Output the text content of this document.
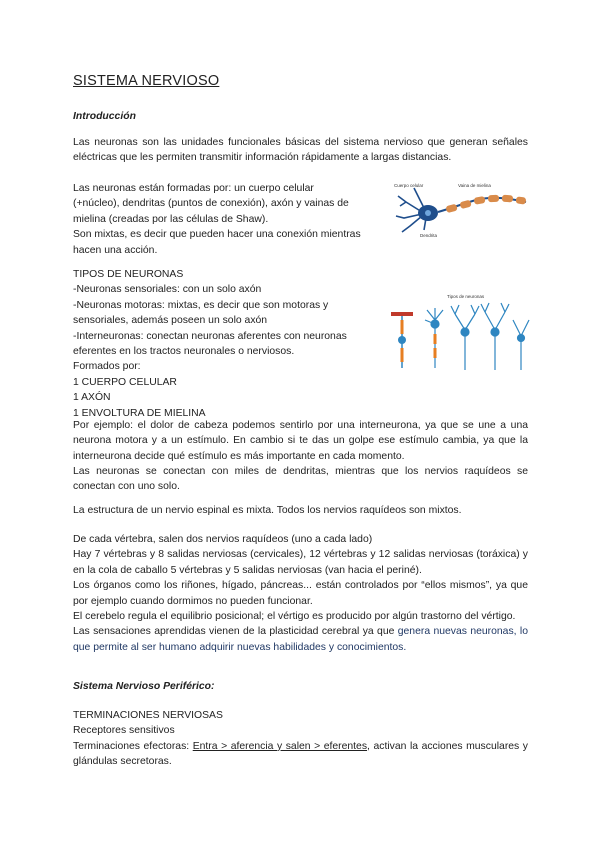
SISTEMA NERVIOSO
Introducción

Las neuronas son las unidades funcionales básicas del sistema nervioso que generan señales eléctricas que les permiten transmitir información rápidamente a largas distancias.

Las neuronas están formadas por: un cuerpo celular
(+núcleo), dendritas (puntos de conexión), axón y vainas de
mielina (creadas por las células de Shaw).
Son mixtas, es decir que pueden hacer una conexión mientras
hacen una acción.

Cuerpo celular	Vaina de mielina
Dendrita
TIPOS DE NEURONAS
-Neuronas sensoriales: con un solo axón
-Neuronas motoras: mixtas, es decir que son motoras y
sensoriales, además poseen un solo axón
-Interneuronas: conectan neuronas aferentes con neuronas
eferentes en los tractos neuronales o nerviosos.
Formados por:
1 CUERPO CELULAR
1 AXÓN
1 ENVOLTURA DE MIELINA
Tipos de neuronas

Por ejemplo: el dolor de cabeza podemos sentirlo por una interneurona, ya que se une a una neurona motora y a un estímulo. En cambio si te das un golpe ese estímulo cambia, ya que la interneurona decide qué estímulo es más importante en cada momento.

Las neuronas se conectan con miles de dendritas, mientras que los nervios raquídeos se conectan con uno solo.

La estructura de un nervio espinal es mixta. Todos los nervios raquídeos son mixtos.

De cada vértebra, salen dos nervios raquídeos (uno a cada lado)
Hay 7 vértebras y 8 salidas nerviosas (cervicales), 12 vértebras y 12 salidas nerviosas (toráxica) y en la cola de caballo 5 vértebras y 5 salidas nerviosas (van hacia el periné).
Los órganos como los riñones, hígado, páncreas... están controlados por “ellos mismos”, ya que por ejemplo cuando dormimos no pueden funcionar.
El cerebelo regula el equilibrio posicional; el vértigo es producido por algún trastorno del vértigo.
Las sensaciones aprendidas vienen de la plasticidad cerebral ya que genera nuevas neuronas, lo que permite al ser humano adquirir nuevas habilidades y conocimientos.
Sistema Nervioso Periférico:
TERMINACIONES NERVIOSAS
Receptores sensitivos
Terminaciones efectoras: Entra > aferencia y salen > eferentes, activan la acciones musculares y glándulas secretoras.
